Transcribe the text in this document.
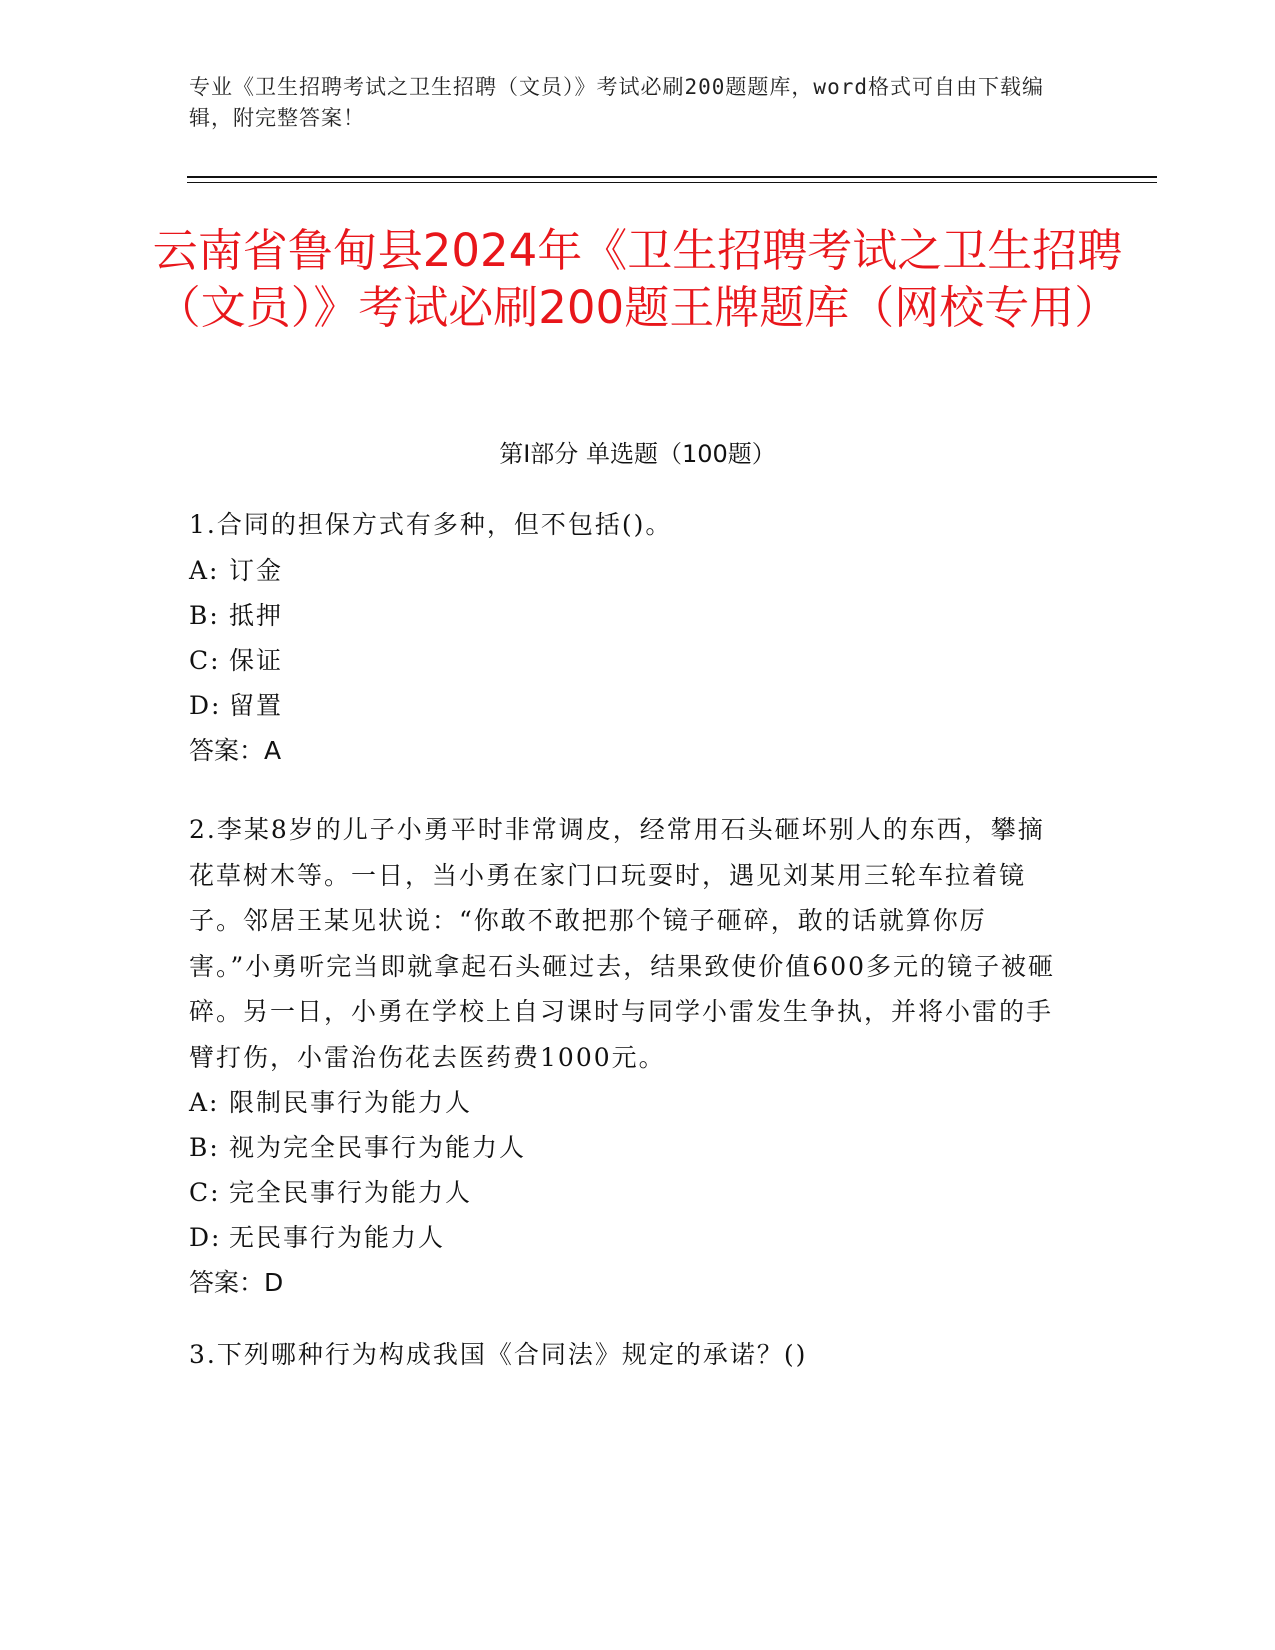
专业《卫生招聘考试之卫生招聘（文员）》考试必刷200题题库，word格式可自由下载编辑，附完整答案！
云南省鲁甸县2024年《卫生招聘考试之卫生招聘（文员）》考试必刷200题王牌题库（网校专用）
第Ⅰ部分 单选题（100题）

1.合同的担保方式有多种，但不包括()。

A: 订金

B: 抵押

C: 保证

D: 留置

答案：A

2.李某8岁的儿子小勇平时非常调皮，经常用石头砸坏别人的东西，攀摘花草树木等。一日，当小勇在家门口玩耍时，遇见刘某用三轮车拉着镜子。邻居王某见状说：“你敢不敢把那个镜子砸碎，敢的话就算你厉害。”小勇听完当即就拿起石头砸过去，结果致使价值600多元的镜子被砸碎。另一日，小勇在学校上自习课时与同学小雷发生争执，并将小雷的手臂打伤，小雷治伤花去医药费1000元。

A: 限制民事行为能力人

B: 视为完全民事行为能力人

C: 完全民事行为能力人

D: 无民事行为能力人

答案：D

3.下列哪种行为构成我国《合同法》规定的承诺？()
